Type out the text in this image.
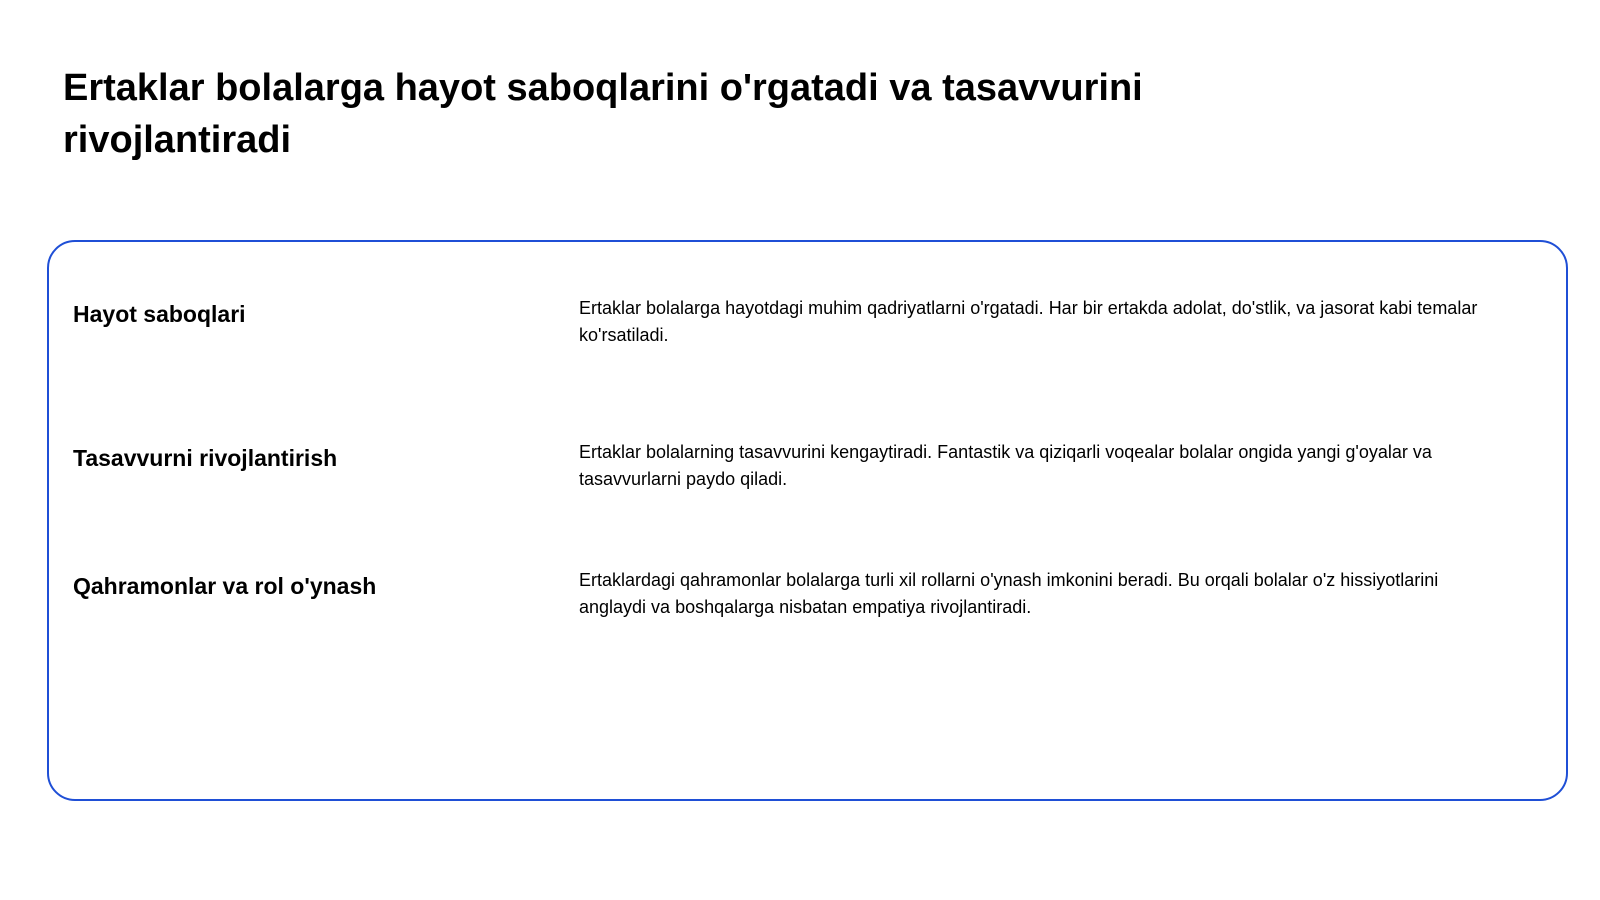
Ertaklar bolalarga hayot saboqlarini o'rgatadi va tasavvurini rivojlantiradi

Hayot saboqlari	Ertaklar bolalarga hayotdagi muhim qadriyatlarni o'rgatadi. Har bir ertakda adolat, do'stlik, va jasorat kabi temalar ko'rsatiladi.

Tasavvurni rivojlantirish	Ertaklar bolalarning tasavvurini kengaytiradi. Fantastik va qiziqarli voqealar bolalar ongida yangi g'oyalar va tasavvurlarni paydo qiladi.

Qahramonlar va rol o'ynash	Ertaklardagi qahramonlar bolalarga turli xil rollarni o'ynash imkonini beradi. Bu orqali bolalar o'z hissiyotlarini anglaydi va boshqalarga nisbatan empatiya rivojlantiradi.
